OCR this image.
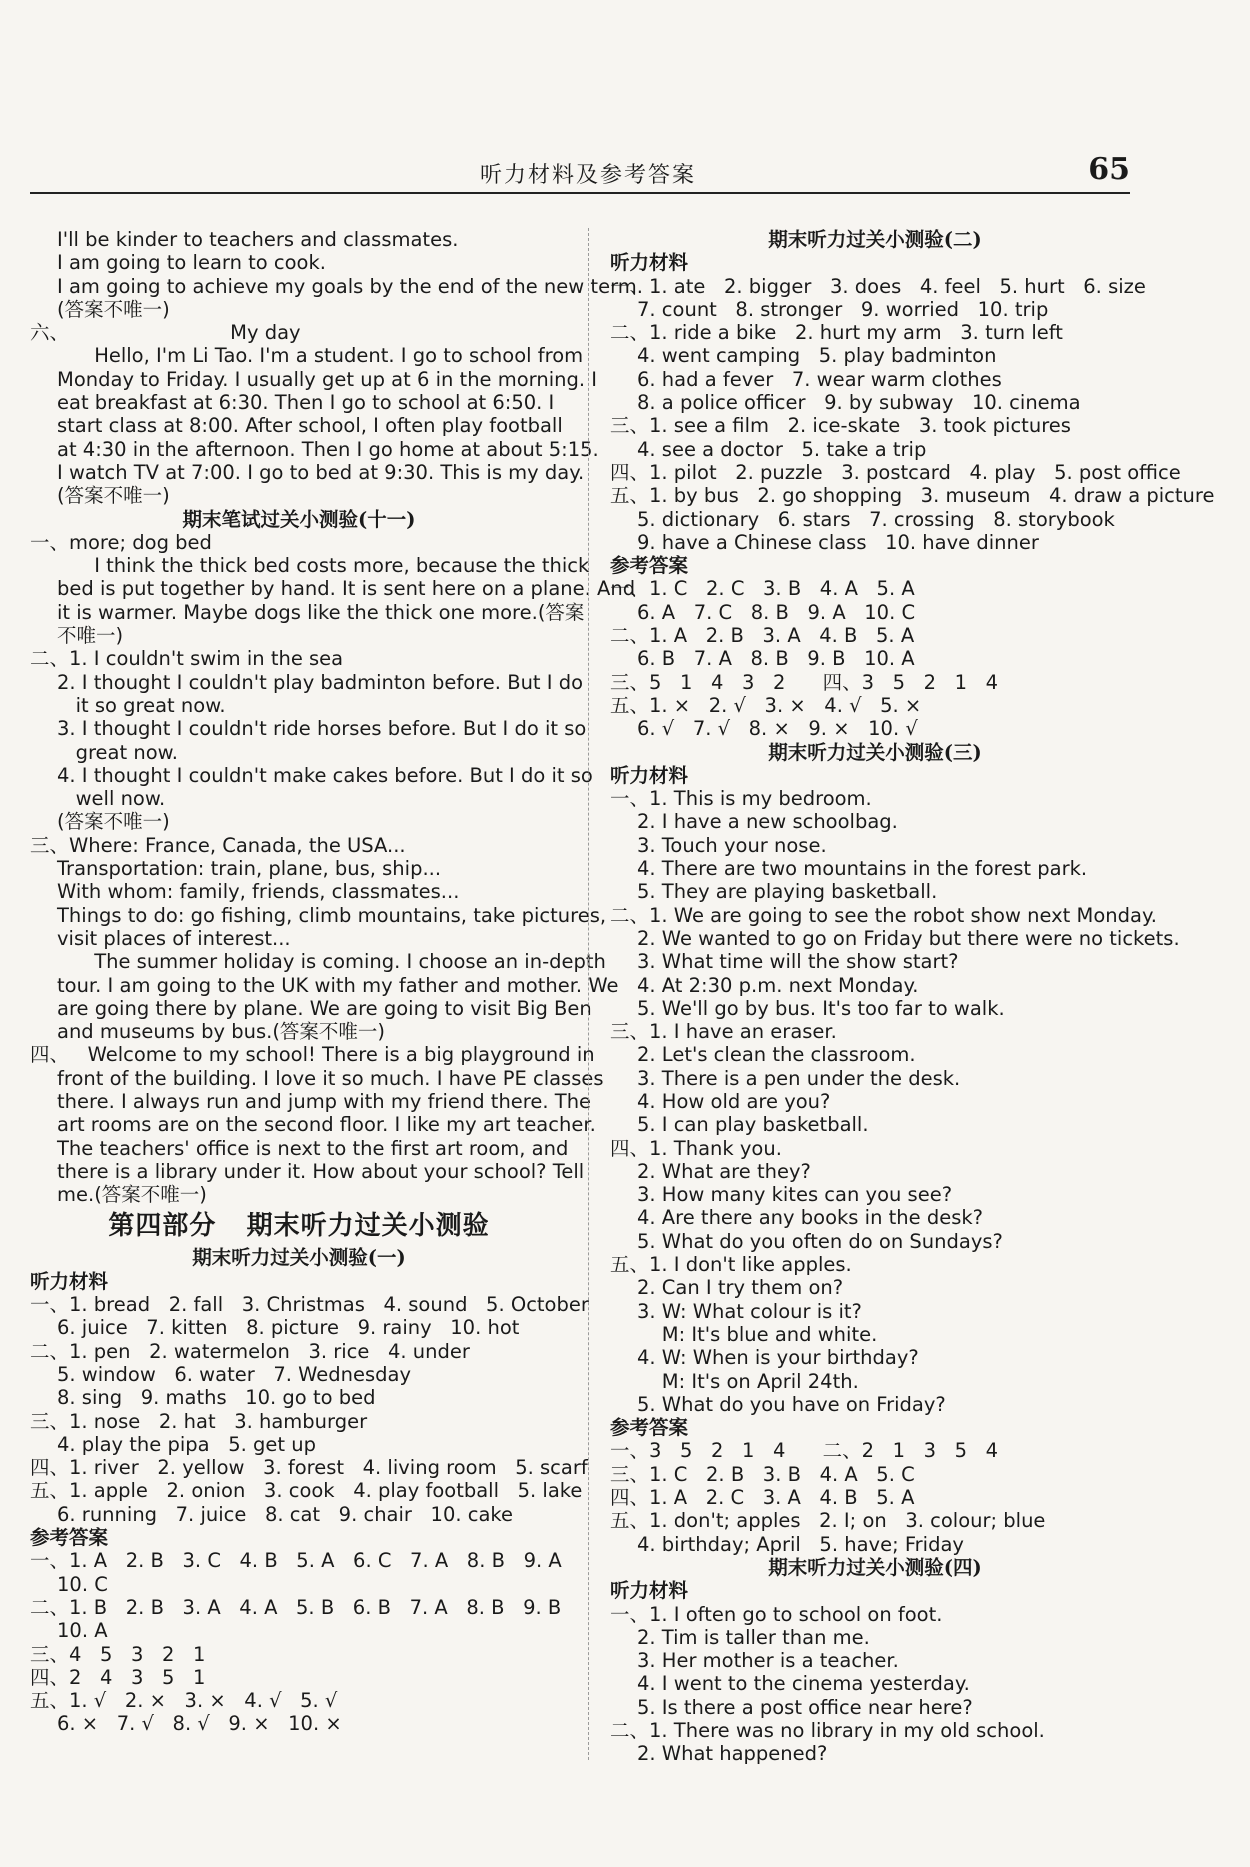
听力材料及参考答案	65
I'll be kinder to teachers and classmates.
I am going to learn to cook.
I am going to achieve my goals by the end of the new term.
(答案不唯一)
六、                          My day
Hello, I'm Li Tao. I'm a student. I go to school from
Monday to Friday. I usually get up at 6 in the morning. I
eat breakfast at 6:30. Then I go to school at 6:50. I
start class at 8:00. After school, I often play football
at 4:30 in the afternoon. Then I go home at about 5:15.
I watch TV at 7:00. I go to bed at 9:30. This is my day.
(答案不唯一)
期末笔试过关小测验(十一)
一、more; dog bed
I think the thick bed costs more, because the thick
bed is put together by hand. It is sent here on a plane. And
it is warmer. Maybe dogs like the thick one more.(答案
不唯一)
二、1. I couldn't swim in the sea
2. I thought I couldn't play badminton before. But I do
it so great now.
3. I thought I couldn't ride horses before. But I do it so
great now.
4. I thought I couldn't make cakes before. But I do it so
well now.
(答案不唯一)
三、Where: France, Canada, the USA...
Transportation: train, plane, bus, ship...
With whom: family, friends, classmates...
Things to do: go fishing, climb mountains, take pictures,
visit places of interest...
The summer holiday is coming. I choose an in-depth
tour. I am going to the UK with my father and mother. We
are going there by plane. We are going to visit Big Ben
and museums by bus.(答案不唯一)
四、   Welcome to my school! There is a big playground in
front of the building. I love it so much. I have PE classes
there. I always run and jump with my friend there. The
art rooms are on the second floor. I like my art teacher.
The teachers' office is next to the first art room, and
there is a library under it. How about your school? Tell
me.(答案不唯一)
第四部分   期末听力过关小测验
期末听力过关小测验(一)
听力材料
一、1. bread   2. fall   3. Christmas   4. sound   5. October
6. juice   7. kitten   8. picture   9. rainy   10. hot
二、1. pen   2. watermelon   3. rice   4. under
5. window   6. water   7. Wednesday
8. sing   9. maths   10. go to bed
三、1. nose   2. hat   3. hamburger
4. play the pipa   5. get up
四、1. river   2. yellow   3. forest   4. living room   5. scarf
五、1. apple   2. onion   3. cook   4. play football   5. lake
6. running   7. juice   8. cat   9. chair   10. cake
参考答案
一、1. A   2. B   3. C   4. B   5. A   6. C   7. A   8. B   9. A
10. C
二、1. B   2. B   3. A   4. A   5. B   6. B   7. A   8. B   9. B
10. A
三、4   5   3   2   1
四、2   4   3   5   1
五、1. √   2. ×   3. ×   4. √   5. √
6. ×   7. √   8. √   9. ×   10. ×
期末听力过关小测验(二)
听力材料
一、1. ate   2. bigger   3. does   4. feel   5. hurt   6. size
7. count   8. stronger   9. worried   10. trip
二、1. ride a bike   2. hurt my arm   3. turn left
4. went camping   5. play badminton
6. had a fever   7. wear warm clothes
8. a police officer   9. by subway   10. cinema
三、1. see a film   2. ice-skate   3. took pictures
4. see a doctor   5. take a trip
四、1. pilot   2. puzzle   3. postcard   4. play   5. post office
五、1. by bus   2. go shopping   3. museum   4. draw a picture
5. dictionary   6. stars   7. crossing   8. storybook
9. have a Chinese class   10. have dinner
参考答案
一、1. C   2. C   3. B   4. A   5. A
6. A   7. C   8. B   9. A   10. C
二、1. A   2. B   3. A   4. B   5. A
6. B   7. A   8. B   9. B   10. A
三、5   1   4   3   2      四、3   5   2   1   4
五、1. ×   2. √   3. ×   4. √   5. ×
6. √   7. √   8. ×   9. ×   10. √
期末听力过关小测验(三)
听力材料
一、1. This is my bedroom.
2. I have a new schoolbag.
3. Touch your nose.
4. There are two mountains in the forest park.
5. They are playing basketball.
二、1. We are going to see the robot show next Monday.
2. We wanted to go on Friday but there were no tickets.
3. What time will the show start?
4. At 2:30 p.m. next Monday.
5. We'll go by bus. It's too far to walk.
三、1. I have an eraser.
2. Let's clean the classroom.
3. There is a pen under the desk.
4. How old are you?
5. I can play basketball.
四、1. Thank you.
2. What are they?
3. How many kites can you see?
4. Are there any books in the desk?
5. What do you often do on Sundays?
五、1. I don't like apples.
2. Can I try them on?
3. W: What colour is it?
M: It's blue and white.
4. W: When is your birthday?
M: It's on April 24th.
5. What do you have on Friday?
参考答案
一、3   5   2   1   4      二、2   1   3   5   4
三、1. C   2. B   3. B   4. A   5. C
四、1. A   2. C   3. A   4. B   5. A
五、1. don't; apples   2. I; on   3. colour; blue
4. birthday; April   5. have; Friday
期末听力过关小测验(四)
听力材料
一、1. I often go to school on foot.
2. Tim is taller than me.
3. Her mother is a teacher.
4. I went to the cinema yesterday.
5. Is there a post office near here?
二、1. There was no library in my old school.
2. What happened?
